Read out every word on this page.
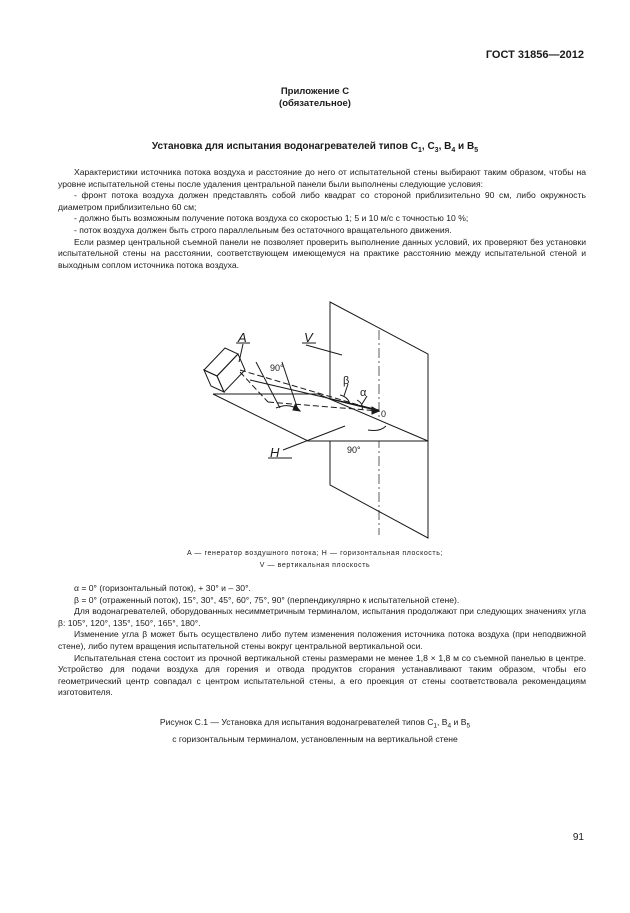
ГОСТ 31856—2012
Приложение С
(обязательное)
Установка для испытания водонагревателей типов $C_1$, $C_3$, $B_4$ и $B_5$

Характеристики источника потока воздуха и расстояние до него от испытательной стены выбирают таким образом, чтобы на уровне испытательной стены после удаления центральной панели были выполнены следующие условия:

- фронт потока воздуха должен представлять собой либо квадрат со стороной приблизительно 90 см, либо окружность диаметром приблизительно 60 см;

- должно быть возможным получение потока воздуха со скоростью 1; 5 и 10 м/с с точностью 10 %;

- поток воздуха должен быть строго параллельным без остаточного вращательного движения.

Если размер центральной съемной панели не позволяет проверить выполнение данных условий, их проверяют без установки испытательной стены на расстоянии, соответствующем имеющемуся на практике расстоянию между испытательной стеной и выходным соплом источника потока воздуха.

A	V
H
90°
90°
β
α
0
A — генератор воздушного потока; H — горизонтальная плоскость;
V — вертикальная плоскость

α = 0° (горизонтальный поток), + 30° и – 30°.

β = 0° (отраженный поток), 15°, 30°, 45°, 60°, 75°, 90° (перпендикулярно к испытательной стене).

Для водонагревателей, оборудованных несимметричным терминалом, испытания продолжают при следующих значениях угла β: 105°, 120°, 135°, 150°, 165°, 180°.

Изменение угла β может быть осуществлено либо путем изменения положения источника потока воздуха (при неподвижной стене), либо путем вращения испытательной стены вокруг центральной вертикальной оси.

Испытательная стена состоит из прочной вертикальной стены размерами не менее 1,8 × 1,8 м со съемной панелью в центре. Устройство для подачи воздуха для горения и отвода продуктов сгорания устанавливают таким образом, чтобы его геометрический центр совпадал с центром испытательной стены, а его проекция от стены соответствовала рекомендациям изготовителя.

Рисунок С.1 — Установка для испытания водонагревателей типов $C_1$, $B_4$ и $B_5$
с горизонтальным терминалом, установленным на вертикальной стене
91
